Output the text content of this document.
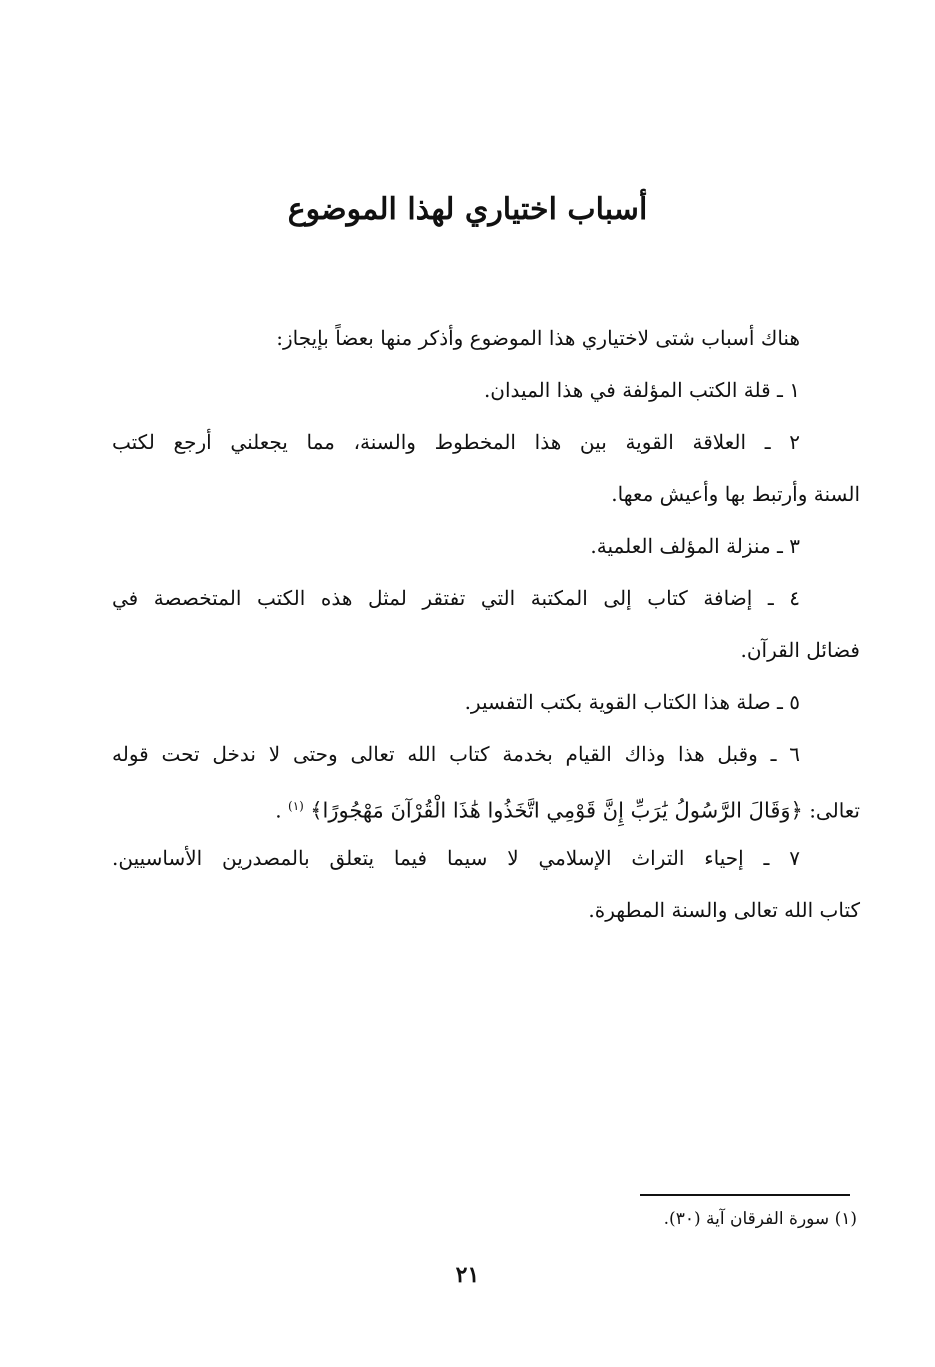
أسباب اختياري لهذا الموضوع
هناك أسباب شتى لاختياري هذا الموضوع وأذكر منها بعضاً بإيجاز:
١ ـ قلة الكتب المؤلفة في هذا الميدان.
٢ ـ العلاقة القوية بين هذا المخطوط والسنة، مما يجعلني أرجع لكتب
السنة وأرتبط بها وأعيش معها.
٣ ـ منزلة المؤلف العلمية.
٤ ـ إضافة كتاب إلى المكتبة التي تفتقر لمثل هذه الكتب المتخصصة في
فضائل القرآن.
٥ ـ صلة هذا الكتاب القوية بكتب التفسير.
٦ ـ وقبل هذا وذاك القيام بخدمة كتاب الله تعالى وحتى لا ندخل تحت قوله
تعالى: ﴿وَقَالَ الرَّسُولُ يَٰرَبِّ إِنَّ قَوْمِي اتَّخَذُوا هَٰذَا الْقُرْآنَ مَهْجُورًا﴾ $^{(١)}$ .
٧ ـ إحياء التراث الإسلامي لا سيما فيما يتعلق بالمصدرين الأساسيين.
كتاب الله تعالى والسنة المطهرة.
(١) سورة الفرقان آية (٣٠).
٢١
